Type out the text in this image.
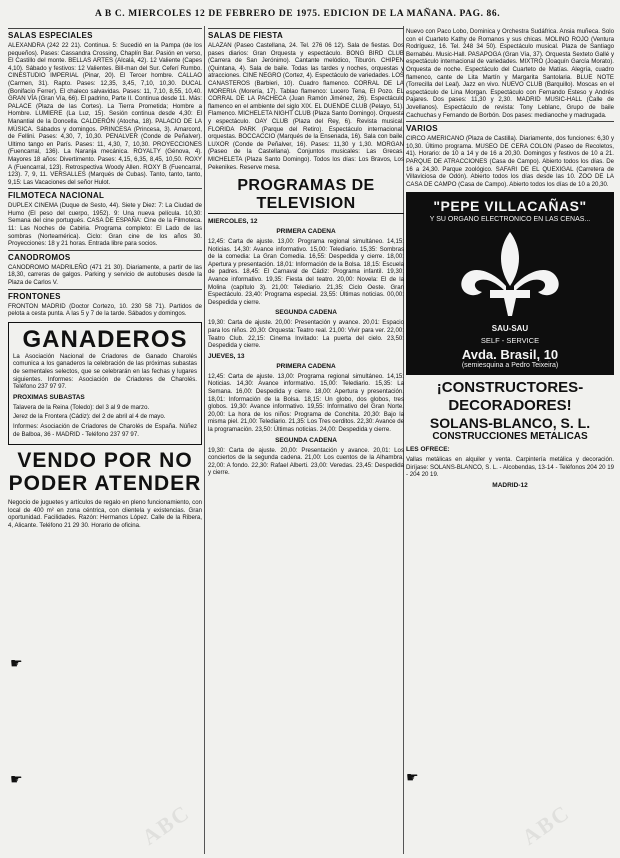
A B C. MIERCOLES 12 DE FEBRERO DE 1975. EDICION DE LA MAÑANA. PAG. 86.
SALAS ESPECIALES

ALEXANDRA (242 22 21). Continua. 5: Sucedió en la Pampa (de los pequeños). Pases: Cassandra Crossing, Chaplín Bar. Pasión en verso, El Castillo del monte. BELLAS ARTES (Alcalá, 42). 12 Valiente (Capes 4,10). Sábado y festivos: 12 Valientes. Bill-man del Sur. Ceferí Rumbo. CINESTUDIO IMPERIAL (Pinar, 20). El Tercer hombre. CALLAO (Carmen, 31). Rapto. Pases: 12,35, 3,45, 7,10, 10,30. DUCAL (Bonifacio Ferrer). El chaleco salvavidas. Pases: 11, 7,10, 8,55, 10,40. GRAN VÍA (Gran Vía, 66). El padrino, Parte II. Continua desde 11. Más: PALACE (Plaza de las Cortes). La Tierra Prometida; Hombre a Hombre. LUMIERE (La Luz, 15). Sesión continua desde 4,30: El Manantial de la Doncella. CALDERÓN (Atocha, 18). PALACIO DE LA MÚSICA. Sábados y domingos. PRINCESA (Princesa, 3). Amarcord, de Fellini. Pases: 4,30, 7, 10,30. PENALVER (Conde de Peñalver). Ultimo tango en París. Pases: 11, 4,30, 7, 10,30. PROYECCIONES (Fuencarral, 136). La Naranja mecánica. ROYALTY (Génova, 4). Mayores 18 años: Divertimento. Pases: 4,15, 6,35, 8,45, 10,50. ROXY A (Fuencarral, 123). Retrospectiva Woody Allen. ROXY B (Fuencarral, 123). 7, 9, 11. VERSALLES (Marqués de Cubas). Tanto, tanto, tanto, 9,15: Las Vacaciones del señor Hulot.

FILMOTECA NACIONAL

DUPLEX CINEMA (Duque de Sesto, 44). Siete y Diez: 7: La Ciudad de Humo (El peso del cuerpo, 1952). 9: Una nueva película. 10,30: Semana del cine portugués. CASA DE ESPAÑA: Cine de la Filmoteca. 11: Las Noches de Cabiria. Programa completo: El Lado de las sombras (Norteamérica). Ciclo: Gran cine de los años 30. Proyecciones: 18 y 21 horas. Entrada libre para socios.

CANODROMOS

CANODROMO MADRILEÑO (471 21 30). Diariamente, a partir de las 18,30, carreras de galgos. Parking y servicio de autobuses desde la Plaza de Carlos V.

FRONTONES

FRONTON MADRID (Doctor Cortezo, 10. 230 58 71). Partidos de pelota a cesta punta. A las 5 y 7 de la tarde. Sábados y domingos.

GANADEROS

La Asociación Nacional de Criadores de Ganado Charolés comunica a los ganaderos la celebración de las próximas subastas de sementales selectos, que se celebrarán en las fechas y lugares siguientes. Informes: Asociación de Criadores de Charolés. Teléfono 237 97 97.

PROXIMAS SUBASTAS

Talavera de la Reina (Toledo): del 3 al 9 de marzo.

Jerez de la Frontera (Cádiz): del 2 de abril al 4 de mayo.

Informes: Asociación de Criadores de Charolés de España. Núñez de Balboa, 36 - MADRID - Teléfono 237 97 97.

VENDO POR NO PODER ATENDER

Negocio de juguetes y artículos de regalo en pleno funcionamiento, con local de 400 m² en zona céntrica, con clientela y existencias. Gran oportunidad. Facilidades. Razón: Hermanos López. Calle de la Ribera, 4, Alicante. Teléfono 21 29 30. Horario de oficina.

SALAS DE FIESTA

ALAZAN (Paseo Castellana, 24. Tel. 276 06 12). Sala de fiestas. Dos pases diarios: Gran Orquesta y espectáculo. BONG BIRD CLUB (Carrera de San Jerónimo). Cantante melódico, Tiburón. CHIPEN (Quintana, 4). Sala de baile. Todas las tardes y noches, orquestas y atracciones. CINE NEGRO (Cortez, 4). Espectáculo de variedades. LOS CANASTEROS (Barbieri, 10). Cuadro flamenco. CORRAL DE LA MORERIA (Morería, 17). Tablao flamenco: Lucero Tena, El Pozo. EL CORRAL DE LA PACHECA (Juan Ramón Jiménez, 26). Espectáculo flamenco en el ambiente del siglo XIX. EL DUENDE CLUB (Pelayo, 51). Flamenco. MICHELETA NIGHT CLUB (Plaza Santo Domingo). Orquesta y espectáculo. OAY CLUB (Plaza del Rey, 6). Revista musical. FLORIDA PARK (Parque del Retiro). Espectáculo internacional, orquestas. BOCCACCIO (Marqués de la Ensenada, 16). Sala con baile. LUXOR (Conde de Peñalver, 16). Pases: 11,30 y 1,30. MORGAN (Paseo de la Castellana). Conjuntos musicales: Las Grecas. MICHELETA (Plaza Santo Domingo). Todos los días: Los Bravos, Los Pekenikes. Reserve mesa.

PROGRAMAS DE TELEVISION
MIERCOLES, 12
PRIMERA CADENA

12,45: Carta de ajuste. 13,00: Programa regional simultáneo. 14,15: Noticias. 14,30: Avance informativo. 15,00: Telediario. 15,35: Sombras de la comedia: La Gran Comedia. 16,55: Despedida y cierre. 18,00: Apertura y presentación. 18,01: Información de la Bolsa. 18,15: Escuela de padres. 18,45: El Carnaval de Cádiz: Programa infantil. 19,30: Avance informativo. 19,35: Fiesta del teatro. 20,00: Novela: El de la Molina (capítulo 3). 21,00: Telediario. 21,35: Ciclo Oeste. Gran Espectáculo. 23,40: Programa especial. 23,55: Últimas noticias. 00,00: Despedida y cierre.

SEGUNDA CADENA

19,30: Carta de ajuste. 20,00: Presentación y avance. 20,01: Espacio para los niños. 20,30: Orquesta: Teatro real. 21,00: Vivir para ver. 22,00: Teatro Club. 22,15: Cinema Invitado: La puerta del cielo. 23,50: Despedida y cierre.

JUEVES, 13
PRIMERA CADENA

12,45: Carta de ajuste. 13,00: Programa regional simultáneo. 14,15: Noticias. 14,30: Avance informativo. 15,00: Telediario. 15,35: La Semana. 16,00: Despedida y cierre. 18,00: Apertura y presentación. 18,01: Información de la Bolsa. 18,15: Un globo, dos globos, tres globos. 19,30: Avance informativo. 19,55: Informativo del Gran Norte. 20,00: La hora de los niños: Programa de Conchita. 20,30: Bajo la misma piel. 21,00: Telediario. 21,35: Los Tres cerditos. 22,30: Avance de la programación. 23,50: Últimas noticias. 24,00: Despedida y cierre.

SEGUNDA CADENA

19,30: Carta de ajuste. 20,00: Presentación y avance. 20,01: Los conciertos de la segunda cadena. 21,00: Los cuentos de la Alhambra. 22,00: A fondo. 22,30: Rafael Alberti. 23,00: Veredas. 23,45: Despedida y cierre.

Nuevo con Paco Lobo, Dominica y Orchestra Sudáfrica. Ansia muñeca. Solo con el Cuarteto Kathy de Romanos y sus chicas. MOLINO ROJO (Ventura Rodríguez, 16. Tel. 248 34 50). Espectáculo musical. Plaza de Santiago Bernabéu. Music-Hall. PASAPOGA (Gran Vía, 37). Orquesta Sexteto Gallé y espectáculo internacional de variedades. MIXTRO (Joaquín García Morato). Orquesta de noche. Espectáculo del Cuarteto de Matías. Alegría, cuadro flamenco, cante de Lita Martín y Margarita Santolaria. BLUE NOTE (Torrecilla del Leal). Jazz en vivo. NUEVO CLUB (Barquillo). Moscas en el espectáculo de Lina Morgan. Espectáculo con Fernando Esteso y Andrés Pajares. Dos pases: 11,30 y 2,30. MADRID MUSIC-HALL (Calle de Jovellanos). Espectáculo de revista: Tony Leblanc, Grupo de baile Cachuchas y Fernando de Borbón. Dos pases: medianoche y madrugada.

VARIOS

CIRCO AMERICANO (Plaza de Castilla). Diariamente, dos funciones: 6,30 y 10,30. Último programa. MUSEO DE CERA COLON (Paseo de Recoletos, 41). Horario: de 10 a 14 y de 16 a 20,30. Domingos y festivos de 10 a 21. PARQUE DE ATRACCIONES (Casa de Campo). Abierto todos los días. De 16 a 24,30. Parque zoológico. SAFARI DE EL QUEXIGAL (Carretera de Villaviciosa de Odón). Abierto todos los días desde las 10. ZOO DE LA CASA DE CAMPO (Casa de Campo). Abierto todos los días de 10 a 20,30.

"PEPE VILLACAÑAS"
Y SU ORGANO ELECTRONICO EN LAS CENAS...
SAU-SAU
SELF - SERVICE
Avda. Brasil, 10
(semiesquina a Pedro Teixeira)
¡CONSTRUCTORES-
DECORADORES!
SOLANS-BLANCO, S. L.
CONSTRUCCIONES METALICAS
LES OFRECE:

Vallas metálicas en alquiler y venta. Carpintería metálica y decoración. Diríjase: SOLANS-BLANCO, S. L. - Alcobendas, 13-14 - Teléfonos 204 20 19 - 204 20 19.

MADRID-12
ABC	ABC
☛
☛	☛
